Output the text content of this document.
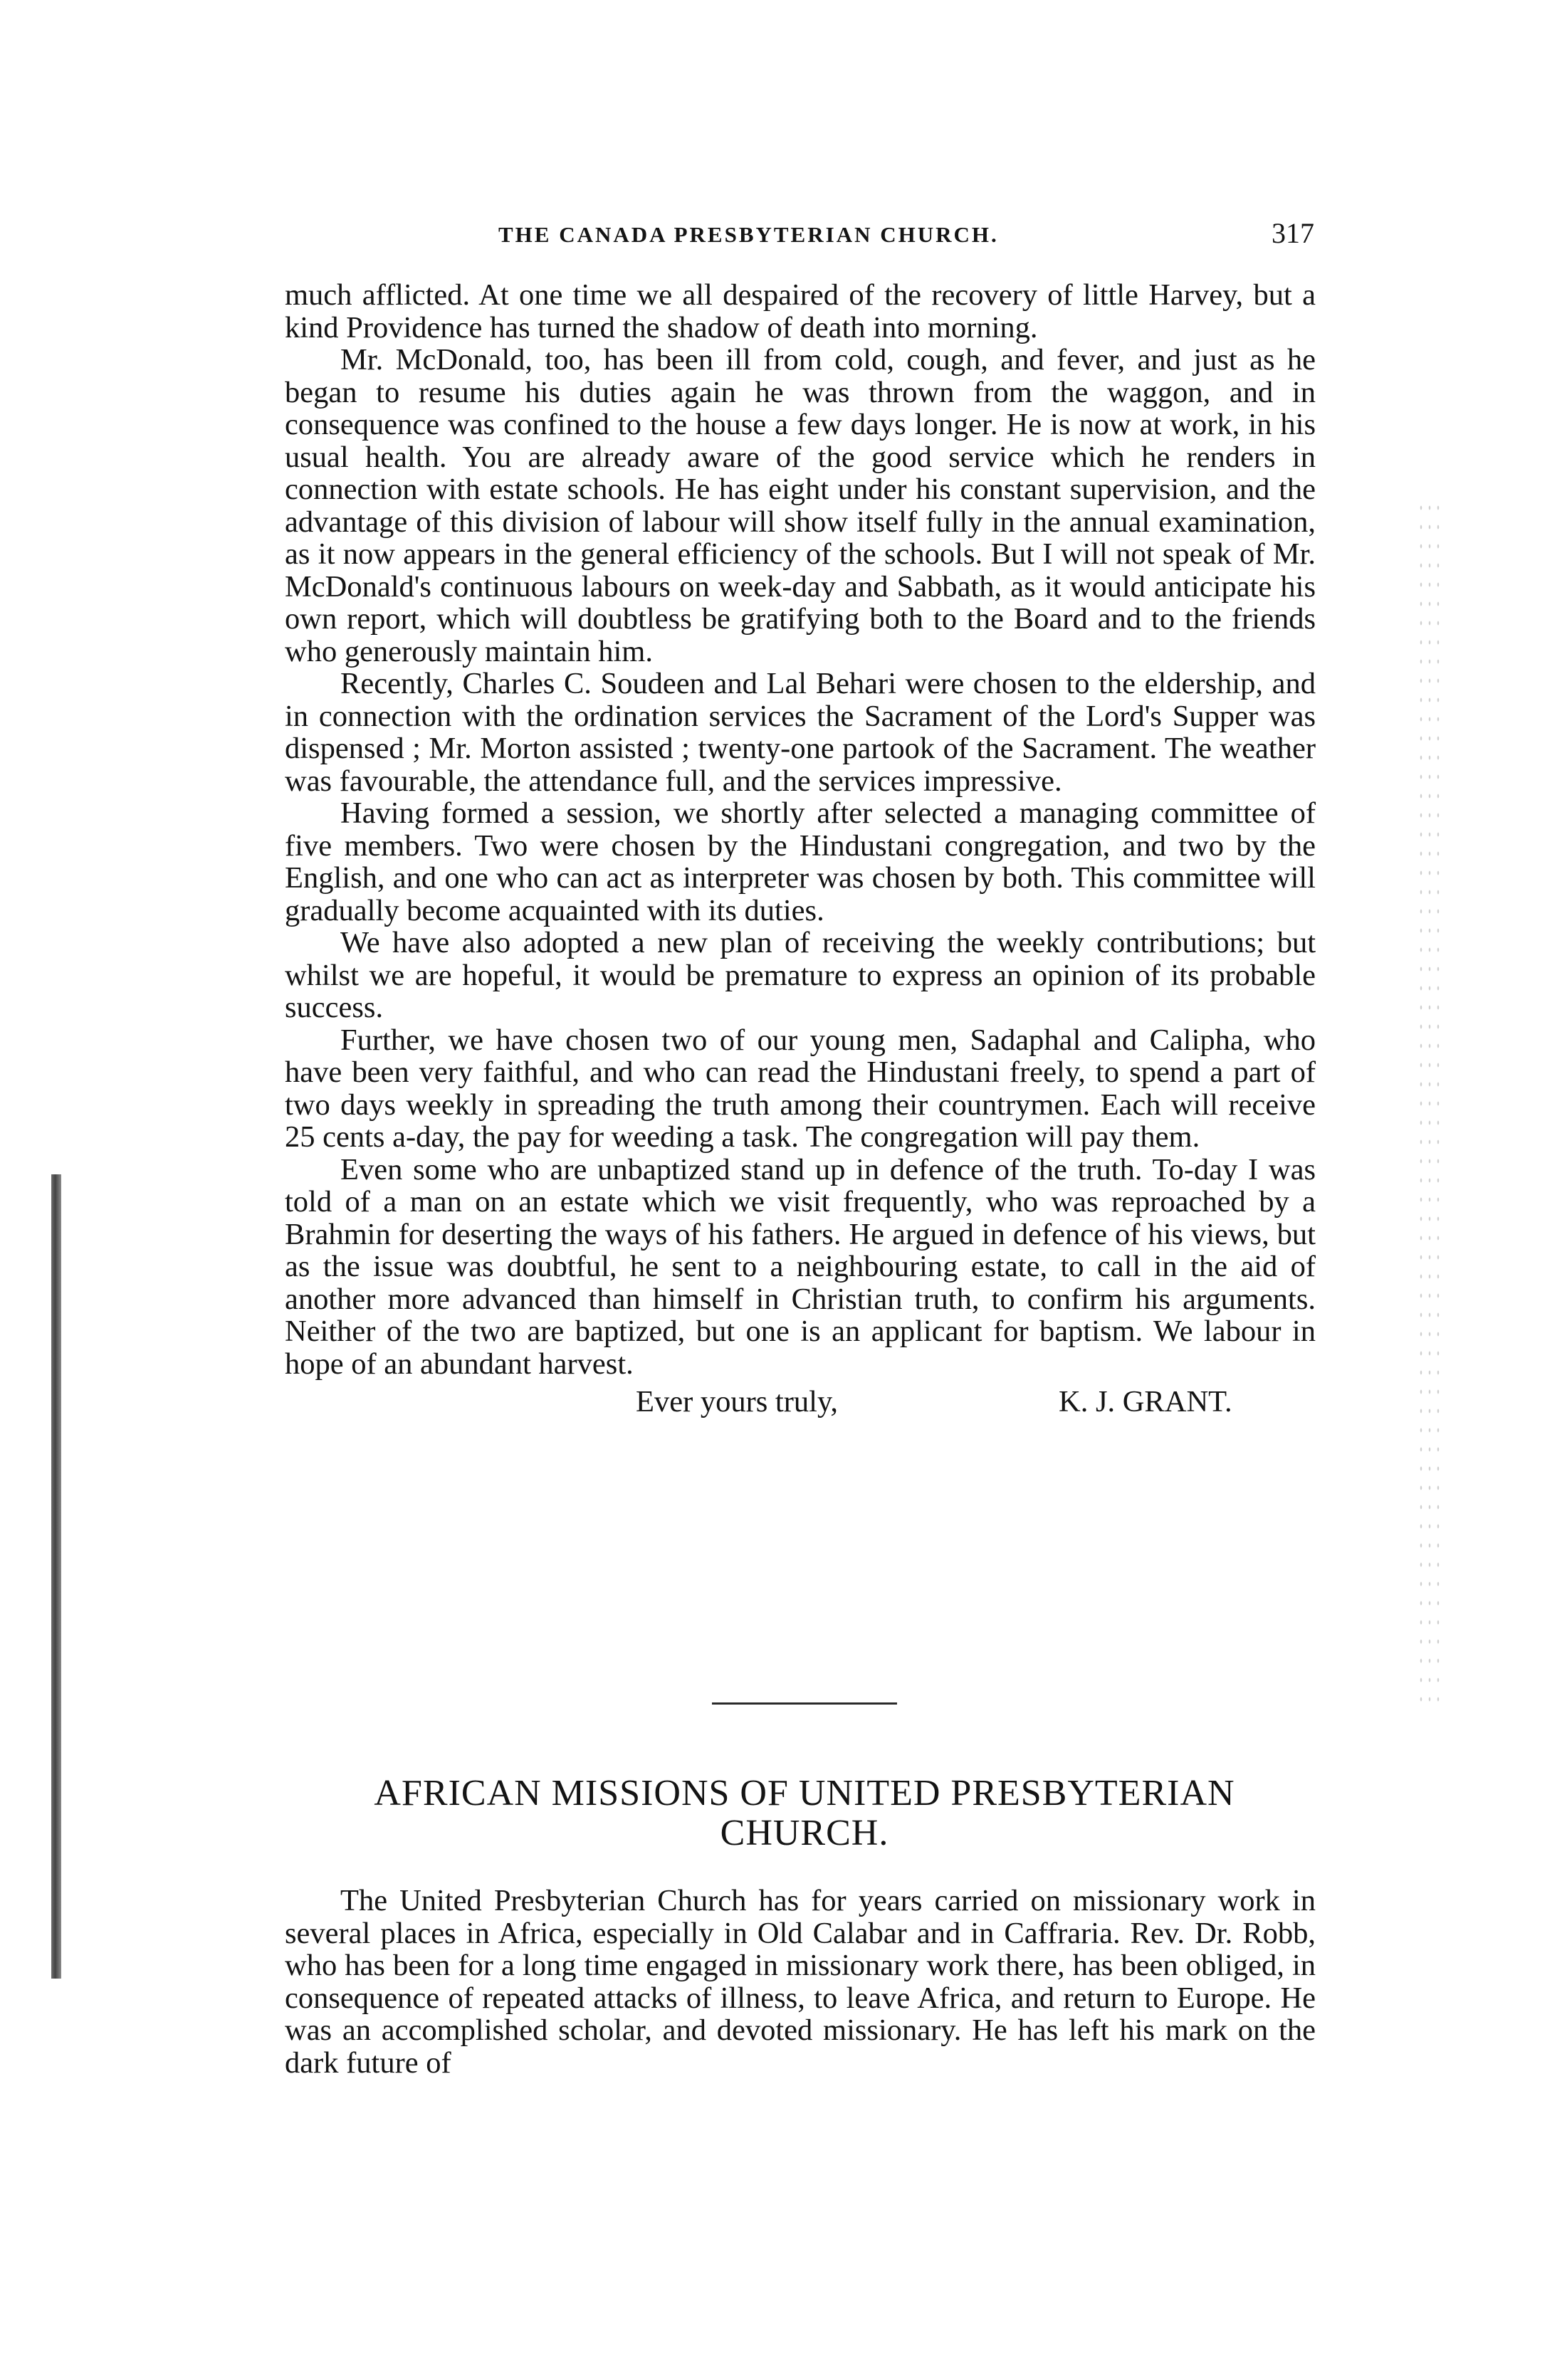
THE CANADA PRESBYTERIAN CHURCH.	317

much afflicted. At one time we all despaired of the recovery of little Harvey, but a kind Providence has turned the shadow of death into morning.

Mr. McDonald, too, has been ill from cold, cough, and fever, and just as he began to resume his duties again he was thrown from the waggon, and in consequence was confined to the house a few days longer. He is now at work, in his usual health. You are already aware of the good service which he renders in connection with estate schools. He has eight under his constant supervision, and the advantage of this division of labour will show itself fully in the annual examination, as it now appears in the general efficiency of the schools. But I will not speak of Mr. McDonald's continuous labours on week-day and Sabbath, as it would anticipate his own report, which will doubtless be gratifying both to the Board and to the friends who generously maintain him.

Recently, Charles C. Soudeen and Lal Behari were chosen to the eldership, and in connection with the ordination services the Sacrament of the Lord's Supper was dispensed ; Mr. Morton assisted ; twenty-one partook of the Sacrament. The weather was favourable, the attendance full, and the services impressive.

Having formed a session, we shortly after selected a managing committee of five members. Two were chosen by the Hindustani congregation, and two by the English, and one who can act as interpreter was chosen by both. This committee will gradually become acquainted with its duties.

We have also adopted a new plan of receiving the weekly contributions; but whilst we are hopeful, it would be premature to express an opinion of its probable success.

Further, we have chosen two of our young men, Sadaphal and Calipha, who have been very faithful, and who can read the Hindustani freely, to spend a part of two days weekly in spreading the truth among their countrymen. Each will receive 25 cents a-day, the pay for weeding a task. The congregation will pay them.

Even some who are unbaptized stand up in defence of the truth. To-day I was told of a man on an estate which we visit frequently, who was reproached by a Brahmin for deserting the ways of his fathers. He argued in defence of his views, but as the issue was doubtful, he sent to a neighbouring estate, to call in the aid of another more advanced than himself in Christian truth, to confirm his arguments. Neither of the two are baptized, but one is an applicant for baptism. We labour in hope of an abundant harvest.

Ever yours truly,	K. J. GRANT.
AFRICAN MISSIONS OF UNITED PRESBYTERIAN
CHURCH.

The United Presbyterian Church has for years carried on missionary work in several places in Africa, especially in Old Calabar and in Caffraria. Rev. Dr. Robb, who has been for a long time engaged in missionary work there, has been obliged, in consequence of repeated attacks of illness, to leave Africa, and return to Europe. He was an accomplished scholar, and devoted missionary. He has left his mark on the dark future of
